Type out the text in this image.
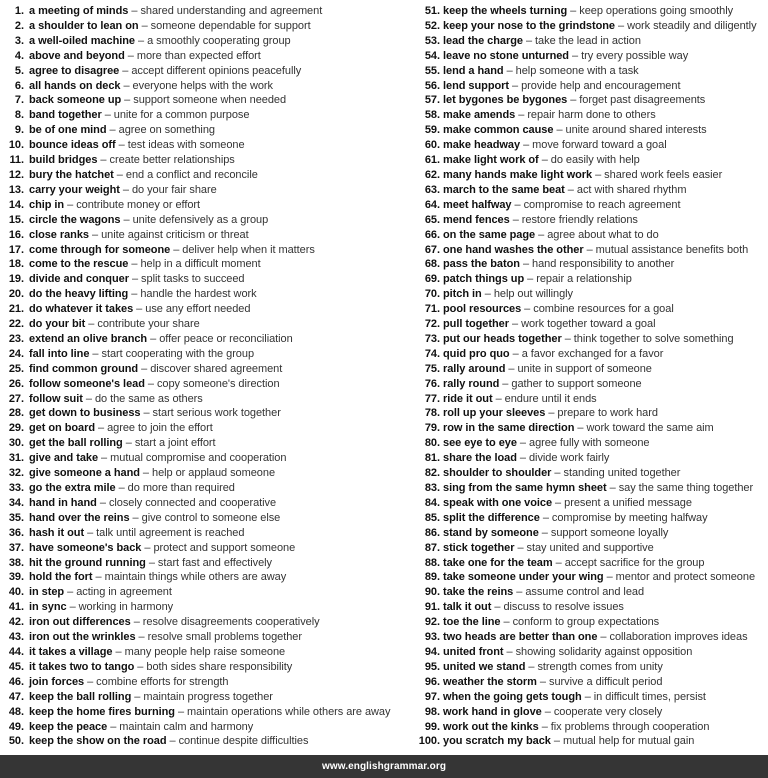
1. a meeting of minds – shared understanding and agreement
2. a shoulder to lean on – someone dependable for support
3. a well-oiled machine – a smoothly cooperating group
4. above and beyond – more than expected effort
5. agree to disagree – accept different opinions peacefully
6. all hands on deck – everyone helps with the work
7. back someone up – support someone when needed
8. band together – unite for a common purpose
9. be of one mind – agree on something
10. bounce ideas off – test ideas with someone
11. build bridges – create better relationships
12. bury the hatchet – end a conflict and reconcile
13. carry your weight – do your fair share
14. chip in – contribute money or effort
15. circle the wagons – unite defensively as a group
16. close ranks – unite against criticism or threat
17. come through for someone – deliver help when it matters
18. come to the rescue – help in a difficult moment
19. divide and conquer – split tasks to succeed
20. do the heavy lifting – handle the hardest work
21. do whatever it takes – use any effort needed
22. do your bit – contribute your share
23. extend an olive branch – offer peace or reconciliation
24. fall into line – start cooperating with the group
25. find common ground – discover shared agreement
26. follow someone's lead – copy someone's direction
27. follow suit – do the same as others
28. get down to business – start serious work together
29. get on board – agree to join the effort
30. get the ball rolling – start a joint effort
31. give and take – mutual compromise and cooperation
32. give someone a hand – help or applaud someone
33. go the extra mile – do more than required
34. hand in hand – closely connected and cooperative
35. hand over the reins – give control to someone else
36. hash it out – talk until agreement is reached
37. have someone's back – protect and support someone
38. hit the ground running – start fast and effectively
39. hold the fort – maintain things while others are away
40. in step – acting in agreement
41. in sync – working in harmony
42. iron out differences – resolve disagreements cooperatively
43. iron out the wrinkles – resolve small problems together
44. it takes a village – many people help raise someone
45. it takes two to tango – both sides share responsibility
46. join forces – combine efforts for strength
47. keep the ball rolling – maintain progress together
48. keep the home fires burning – maintain operations while others are away
49. keep the peace – maintain calm and harmony
50. keep the show on the road – continue despite difficulties
51. keep the wheels turning – keep operations going smoothly
52. keep your nose to the grindstone – work steadily and diligently
53. lead the charge – take the lead in action
54. leave no stone unturned – try every possible way
55. lend a hand – help someone with a task
56. lend support – provide help and encouragement
57. let bygones be bygones – forget past disagreements
58. make amends – repair harm done to others
59. make common cause – unite around shared interests
60. make headway – move forward toward a goal
61. make light work of – do easily with help
62. many hands make light work – shared work feels easier
63. march to the same beat – act with shared rhythm
64. meet halfway – compromise to reach agreement
65. mend fences – restore friendly relations
66. on the same page – agree about what to do
67. one hand washes the other – mutual assistance benefits both
68. pass the baton – hand responsibility to another
69. patch things up – repair a relationship
70. pitch in – help out willingly
71. pool resources – combine resources for a goal
72. pull together – work together toward a goal
73. put our heads together – think together to solve something
74. quid pro quo – a favor exchanged for a favor
75. rally around – unite in support of someone
76. rally round – gather to support someone
77. ride it out – endure until it ends
78. roll up your sleeves – prepare to work hard
79. row in the same direction – work toward the same aim
80. see eye to eye – agree fully with someone
81. share the load – divide work fairly
82. shoulder to shoulder – standing united together
83. sing from the same hymn sheet – say the same thing together
84. speak with one voice – present a unified message
85. split the difference – compromise by meeting halfway
86. stand by someone – support someone loyally
87. stick together – stay united and supportive
88. take one for the team – accept sacrifice for the group
89. take someone under your wing – mentor and protect someone
90. take the reins – assume control and lead
91. talk it out – discuss to resolve issues
92. toe the line – conform to group expectations
93. two heads are better than one – collaboration improves ideas
94. united front – showing solidarity against opposition
95. united we stand – strength comes from unity
96. weather the storm – survive a difficult period
97. when the going gets tough – in difficult times, persist
98. work hand in glove – cooperate very closely
99. work out the kinks – fix problems through cooperation
100. you scratch my back – mutual help for mutual gain
www.englishgrammar.org
